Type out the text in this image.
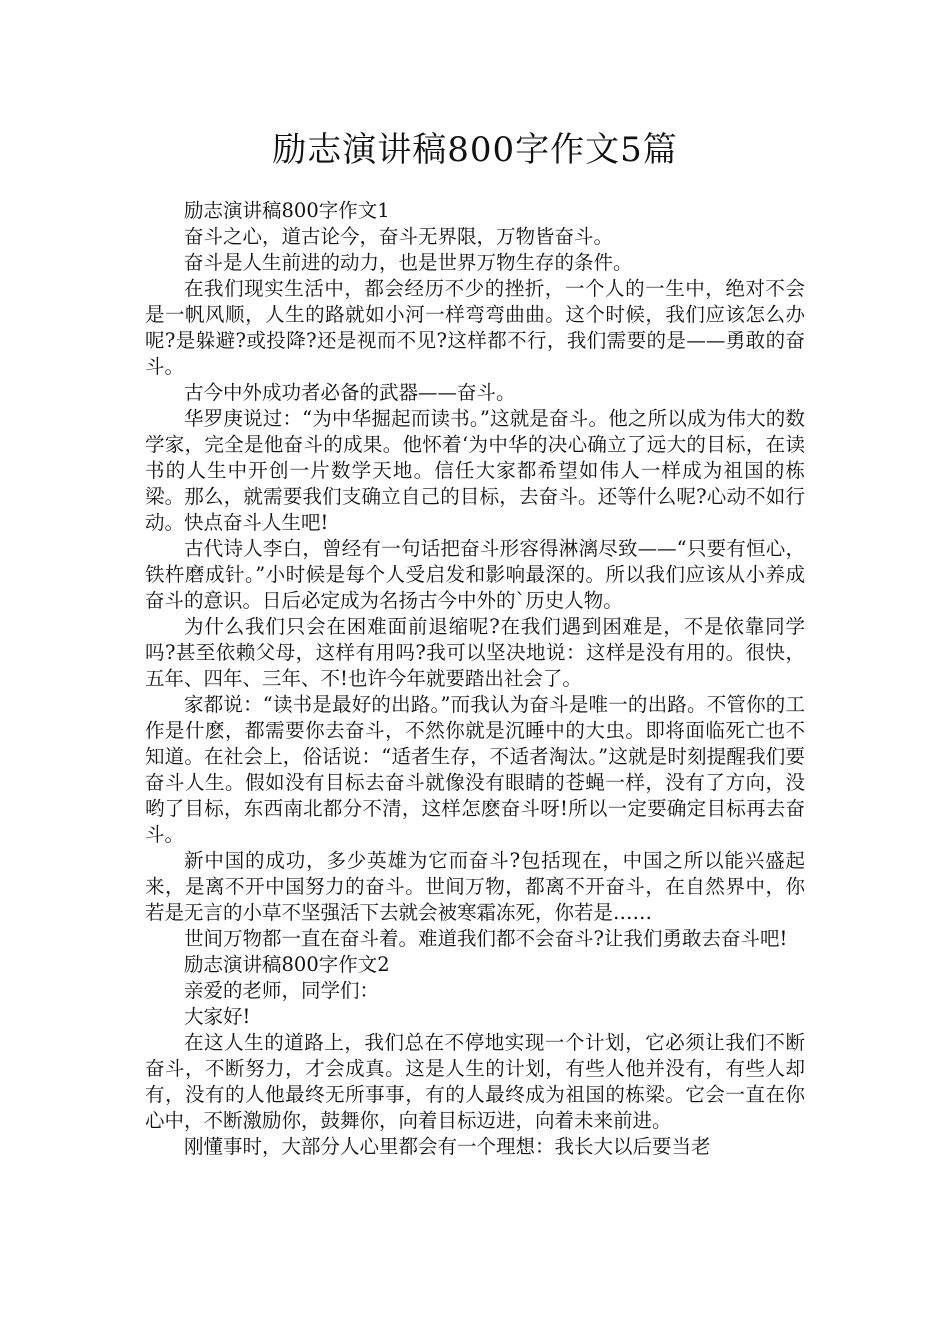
励志演讲稿800字作文5篇

励志演讲稿800字作文1

奋斗之心，道古论今，奋斗无界限，万物皆奋斗。

奋斗是人生前进的动力，也是世界万物生存的条件。

在我们现实生活中，都会经历不少的挫折，一个人的一生中，绝对不会是一帆风顺，人生的路就如小河一样弯弯曲曲。这个时候，我们应该怎么办呢?是躲避?或投降?还是视而不见?这样都不行，我们需要的是——勇敢的奋斗。

古今中外成功者必备的武器——奋斗。

华罗庚说过：“为中华掘起而读书。”这就是奋斗。他之所以成为伟大的数学家，完全是他奋斗的成果。他怀着‘为中华的决心确立了远大的目标，在读书的人生中开创一片数学天地。信任大家都希望如伟人一样成为祖国的栋梁。那么，就需要我们支确立自己的目标，去奋斗。还等什么呢?心动不如行动。快点奋斗人生吧!

古代诗人李白，曾经有一句话把奋斗形容得淋漓尽致——“只要有恒心，铁杵磨成针。”小时候是每个人受启发和影响最深的。所以我们应该从小养成奋斗的意识。日后必定成为名扬古今中外的`历史人物。

为什么我们只会在困难面前退缩呢?在我们遇到困难是，不是依靠同学吗?甚至依赖父母，这样有用吗?我可以坚决地说：这样是没有用的。很快，五年、四年、三年、不!也许今年就要踏出社会了。

家都说：“读书是最好的出路。”而我认为奋斗是唯一的出路。不管你的工作是什麽，都需要你去奋斗，不然你就是沉睡中的大虫。即将面临死亡也不知道。在社会上，俗话说：“适者生存，不适者淘汰。”这就是时刻提醒我们要奋斗人生。假如没有目标去奋斗就像没有眼睛的苍蝇一样，没有了方向，没哟了目标，东西南北都分不清，这样怎麽奋斗呀!所以一定要确定目标再去奋斗。

新中国的成功，多少英雄为它而奋斗?包括现在，中国之所以能兴盛起来，是离不开中国努力的奋斗。世间万物，都离不开奋斗，在自然界中，你若是无言的小草不坚强活下去就会被寒霜冻死，你若是……

世间万物都一直在奋斗着。难道我们都不会奋斗?让我们勇敢去奋斗吧!

励志演讲稿800字作文2

亲爱的老师，同学们：

大家好!

在这人生的道路上，我们总在不停地实现一个计划，它必须让我们不断奋斗，不断努力，才会成真。这是人生的计划，有些人他并没有，有些人却有，没有的人他最终无所事事，有的人最终成为祖国的栋梁。它会一直在你心中，不断激励你，鼓舞你，向着目标迈进，向着未来前进。

刚懂事时，大部分人心里都会有一个理想：我长大以后要当老
